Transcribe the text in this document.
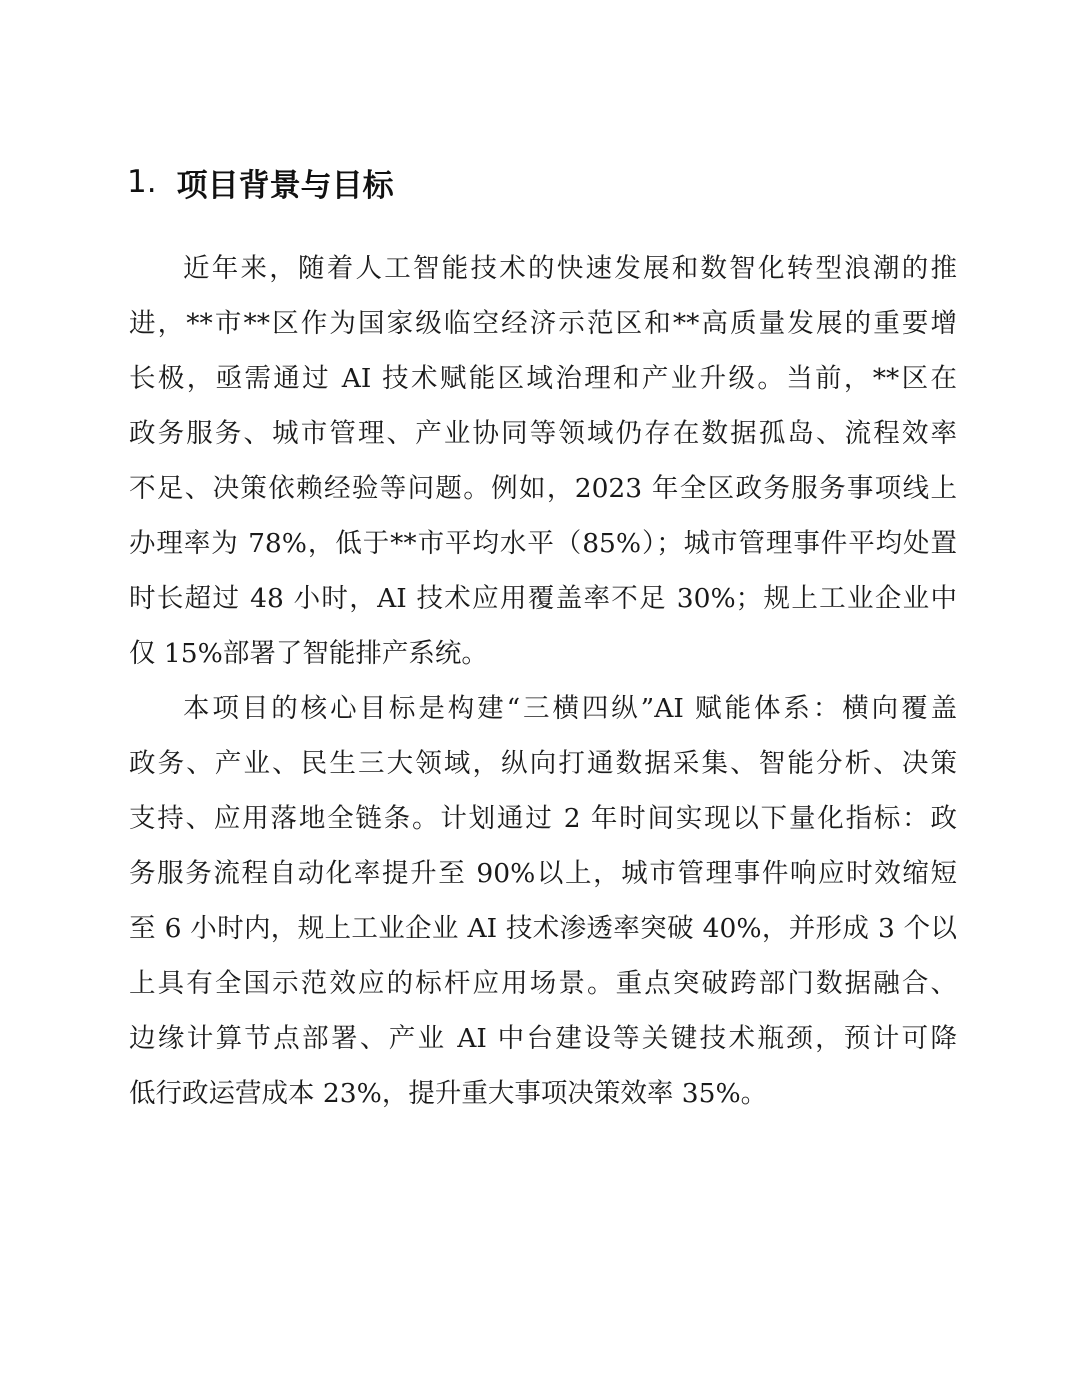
1. 项目背景与目标
近年来，随着人工智能技术的快速发展和数智化转型浪潮的推
进，**市**区作为国家级临空经济示范区和**高质量发展的重要增
长极，亟需通过 AI 技术赋能区域治理和产业升级。当前，**区在
政务服务、城市管理、产业协同等领域仍存在数据孤岛、流程效率
不足、决策依赖经验等问题。例如，2023 年全区政务服务事项线上
办理率为 78%，低于**市平均水平（85%）；城市管理事件平均处置
时长超过 48 小时，AI 技术应用覆盖率不足 30%；规上工业企业中
仅 15%部署了智能排产系统。
本项目的核心目标是构建“三横四纵”AI 赋能体系：横向覆盖
政务、产业、民生三大领域，纵向打通数据采集、智能分析、决策
支持、应用落地全链条。计划通过 2 年时间实现以下量化指标：政
务服务流程自动化率提升至 90%以上，城市管理事件响应时效缩短
至 6 小时内，规上工业企业 AI 技术渗透率突破 40%，并形成 3 个以
上具有全国示范效应的标杆应用场景。重点突破跨部门数据融合、
边缘计算节点部署、产业 AI 中台建设等关键技术瓶颈，预计可降
低行政运营成本 23%，提升重大事项决策效率 35%。
